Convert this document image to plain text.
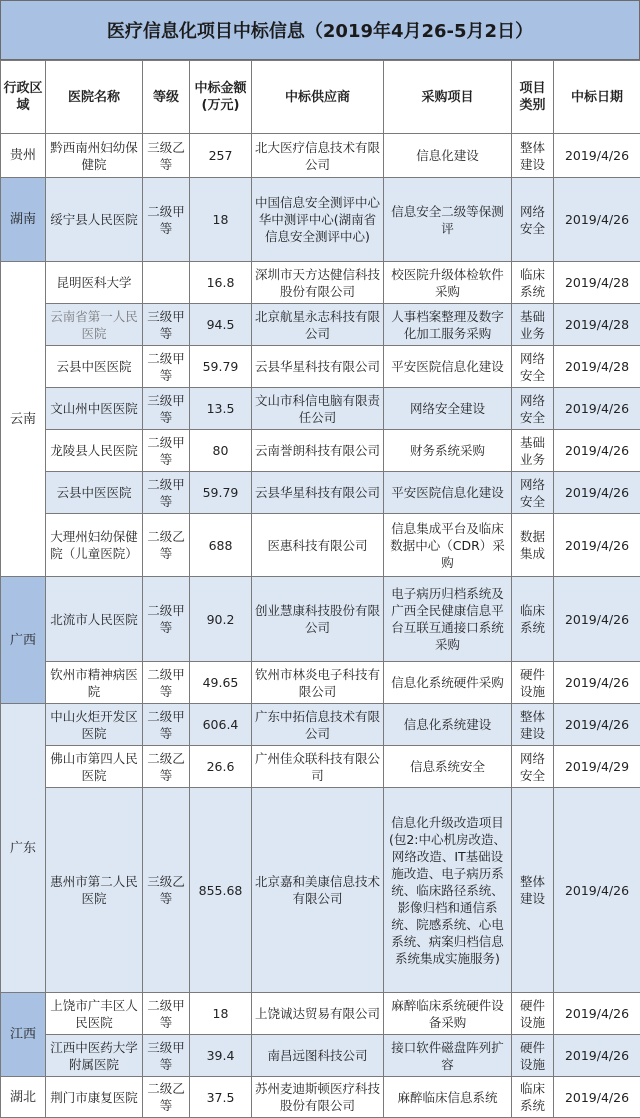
医疗信息化项目中标信息（2019年4月26-5月2日）
行政区域	医院名称	等级	中标金额(万元)	中标供应商	采购项目	项目类别	中标日期
贵州	黔西南州妇幼保健院	三级乙等	257	北大医疗信息技术有限公司	信息化建设	整体建设	2019/4/26
湖南	绥宁县人民医院	二级甲等	18	中国信息安全测评中心华中测评中心(湖南省信息安全测评中心)	信息安全二级等保测评	网络安全	2019/4/26
云南	昆明医科大学		16.8	深圳市天方达健信科技股份有限公司	校医院升级体检软件采购	临床系统	2019/4/28
	云南省第一人民医院	三级甲等	94.5	北京航星永志科技有限公司	人事档案整理及数字化加工服务采购	基础业务	2019/4/28
	云县中医医院	二级甲等	59.79	云县华星科技有限公司	平安医院信息化建设	网络安全	2019/4/28
	文山州中医医院	三级甲等	13.5	文山市科信电脑有限责任公司	网络安全建设	网络安全	2019/4/26
	龙陵县人民医院	二级甲等	80	云南誉朗科技有限公司	财务系统采购	基础业务	2019/4/26
	云县中医医院	二级甲等	59.79	云县华星科技有限公司	平安医院信息化建设	网络安全	2019/4/26
	大理州妇幼保健院（儿童医院）	二级乙等	688	医惠科技有限公司	信息集成平台及临床数据中心（CDR）采购	数据集成	2019/4/26
广西	北流市人民医院	二级甲等	90.2	创业慧康科技股份有限公司	电子病历归档系统及广西全民健康信息平台互联互通接口系统采购	临床系统	2019/4/26
	钦州市精神病医院	二级甲等	49.65	钦州市林炎电子科技有限公司	信息化系统硬件采购	硬件设施	2019/4/26
广东	中山火炬开发区医院	二级甲等	606.4	广东中拓信息技术有限公司	信息化系统建设	整体建设	2019/4/26
	佛山市第四人民医院	二级乙等	26.6	广州佳众联科技有限公司	信息系统安全	网络安全	2019/4/29
	惠州市第二人民医院	三级乙等	855.68	北京嘉和美康信息技术有限公司	信息化升级改造项目(包2:中心机房改造、网络改造、IT基础设施改造、电子病历系统、临床路径系统、影像归档和通信系统、院感系统、心电系统、病案归档信息系统集成实施服务)	整体建设	2019/4/26
江西	上饶市广丰区人民医院	二级甲等	18	上饶诚达贸易有限公司	麻醉临床系统硬件设备采购	硬件设施	2019/4/26
	江西中医药大学附属医院	三级甲等	39.4	南昌远图科技公司	接口软件磁盘阵列扩容	硬件设施	2019/4/26
湖北	荆门市康复医院	二级乙等	37.5	苏州麦迪斯顿医疗科技股份有限公司	麻醉临床信息系统	临床系统	2019/4/26
